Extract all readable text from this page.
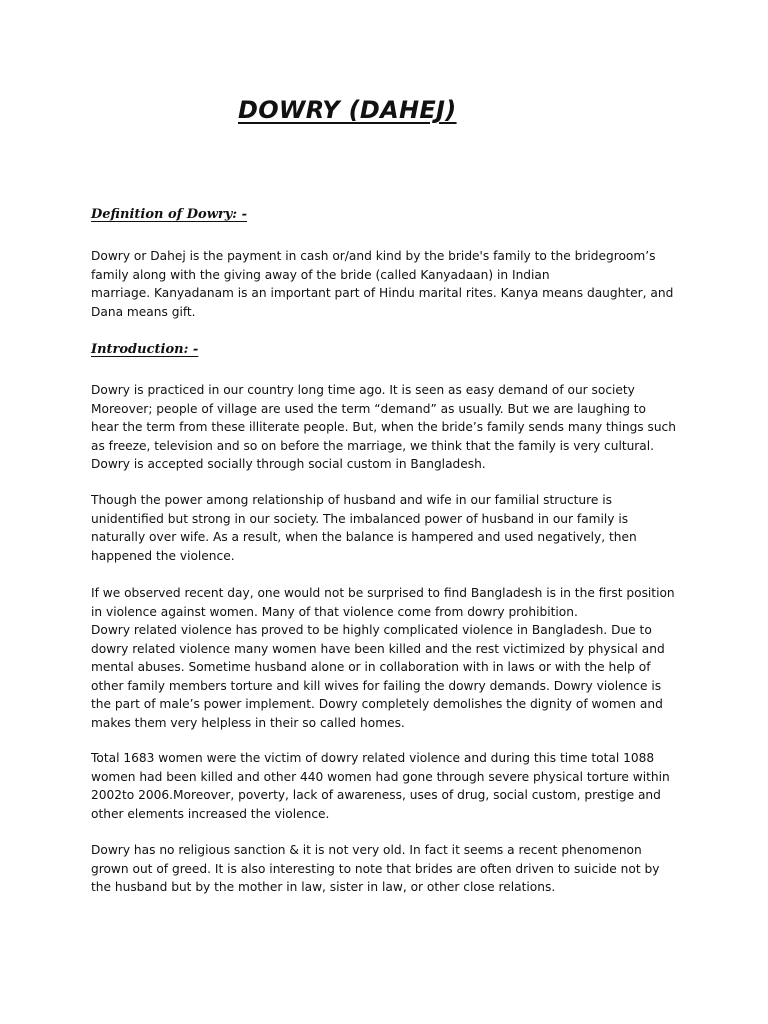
DOWRY (DAHEJ)
Definition of Dowry: -

Dowry or Dahej is the payment in cash or/and kind by the bride's family to the bridegroom’s
family along with the giving away of the bride (called Kanyadaan) in Indian
marriage. Kanyadanam is an important part of Hindu marital rites. Kanya means daughter, and
Dana means gift.

Introduction: -

Dowry is practiced in our country long time ago. It is seen as easy demand of our society
Moreover; people of village are used the term “demand” as usually. But we are laughing to
hear the term from these illiterate people. But, when the bride’s family sends many things such
as freeze, television and so on before the marriage, we think that the family is very cultural.
Dowry is accepted socially through social custom in Bangladesh.

Though the power among relationship of husband and wife in our familial structure is
unidentified but strong in our society. The imbalanced power of husband in our family is
naturally over wife. As a result, when the balance is hampered and used negatively, then
happened the violence.

If we observed recent day, one would not be surprised to find Bangladesh is in the first position
in violence against women. Many of that violence come from dowry prohibition.
Dowry related violence has proved to be highly complicated violence in Bangladesh. Due to
dowry related violence many women have been killed and the rest victimized by physical and
mental abuses. Sometime husband alone or in collaboration with in laws or with the help of
other family members torture and kill wives for failing the dowry demands. Dowry violence is
the part of male’s power implement. Dowry completely demolishes the dignity of women and
makes them very helpless in their so called homes.

Total 1683 women were the victim of dowry related violence and during this time total 1088
women had been killed and other 440 women had gone through severe physical torture within
2002to 2006.Moreover, poverty, lack of awareness, uses of drug, social custom, prestige and
other elements increased the violence.

Dowry has no religious sanction & it is not very old. In fact it seems a recent phenomenon
grown out of greed. It is also interesting to note that brides are often driven to suicide not by
the husband but by the mother in law, sister in law, or other close relations.
